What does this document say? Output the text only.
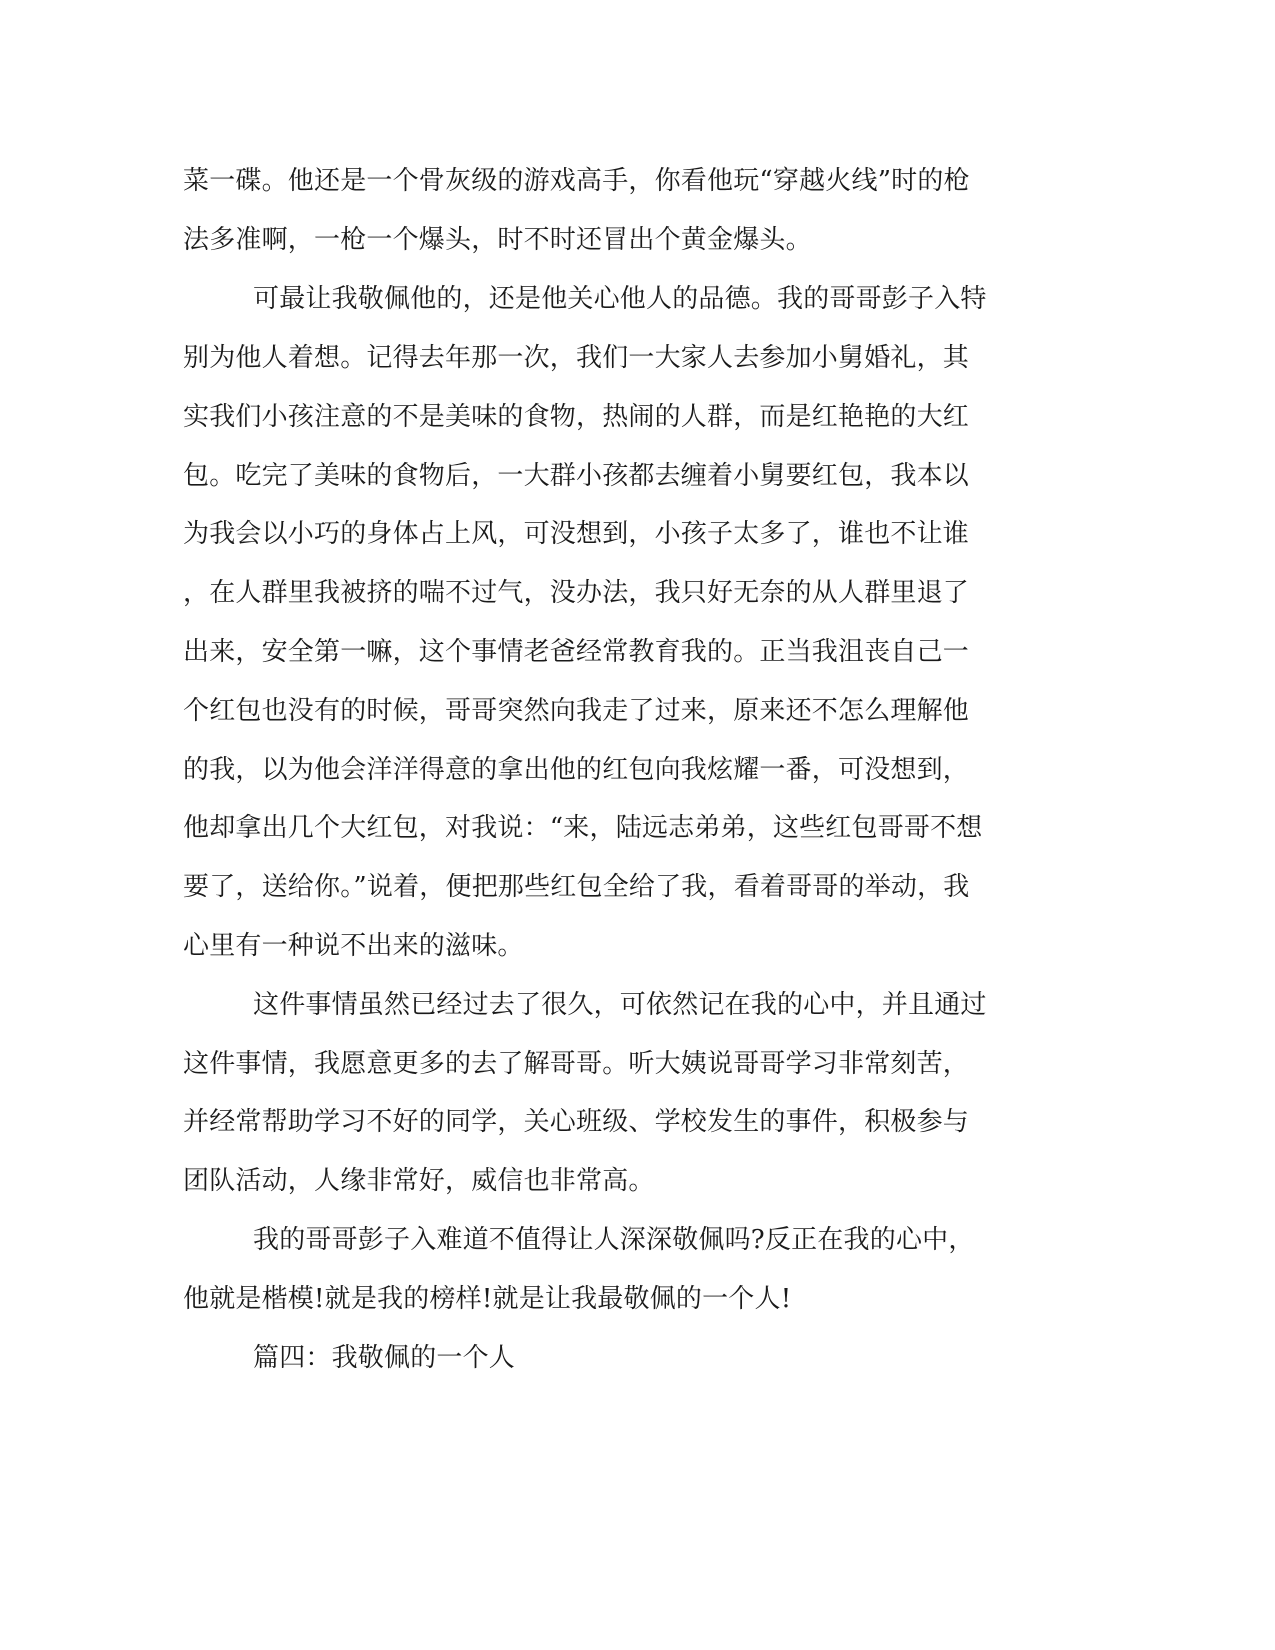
菜一碟。他还是一个骨灰级的游戏高手，你看他玩“穿越火线”时的枪
法多准啊，一枪一个爆头，时不时还冒出个黄金爆头。
可最让我敬佩他的，还是他关心他人的品德。我的哥哥彭子入特
别为他人着想。记得去年那一次，我们一大家人去参加小舅婚礼，其
实我们小孩注意的不是美味的食物，热闹的人群，而是红艳艳的大红
包。吃完了美味的食物后，一大群小孩都去缠着小舅要红包，我本以
为我会以小巧的身体占上风，可没想到，小孩子太多了，谁也不让谁
，在人群里我被挤的喘不过气，没办法，我只好无奈的从人群里退了
出来，安全第一嘛，这个事情老爸经常教育我的。正当我沮丧自己一
个红包也没有的时候，哥哥突然向我走了过来，原来还不怎么理解他
的我，以为他会洋洋得意的拿出他的红包向我炫耀一番，可没想到，
他却拿出几个大红包，对我说：“来，陆远志弟弟，这些红包哥哥不想
要了，送给你。”说着，便把那些红包全给了我，看着哥哥的举动，我
心里有一种说不出来的滋味。
这件事情虽然已经过去了很久，可依然记在我的心中，并且通过
这件事情，我愿意更多的去了解哥哥。听大姨说哥哥学习非常刻苦，
并经常帮助学习不好的同学，关心班级、学校发生的事件，积极参与
团队活动，人缘非常好，威信也非常高。
我的哥哥彭子入难道不值得让人深深敬佩吗?反正在我的心中，
他就是楷模!就是我的榜样!就是让我最敬佩的一个人!
篇四：我敬佩的一个人
